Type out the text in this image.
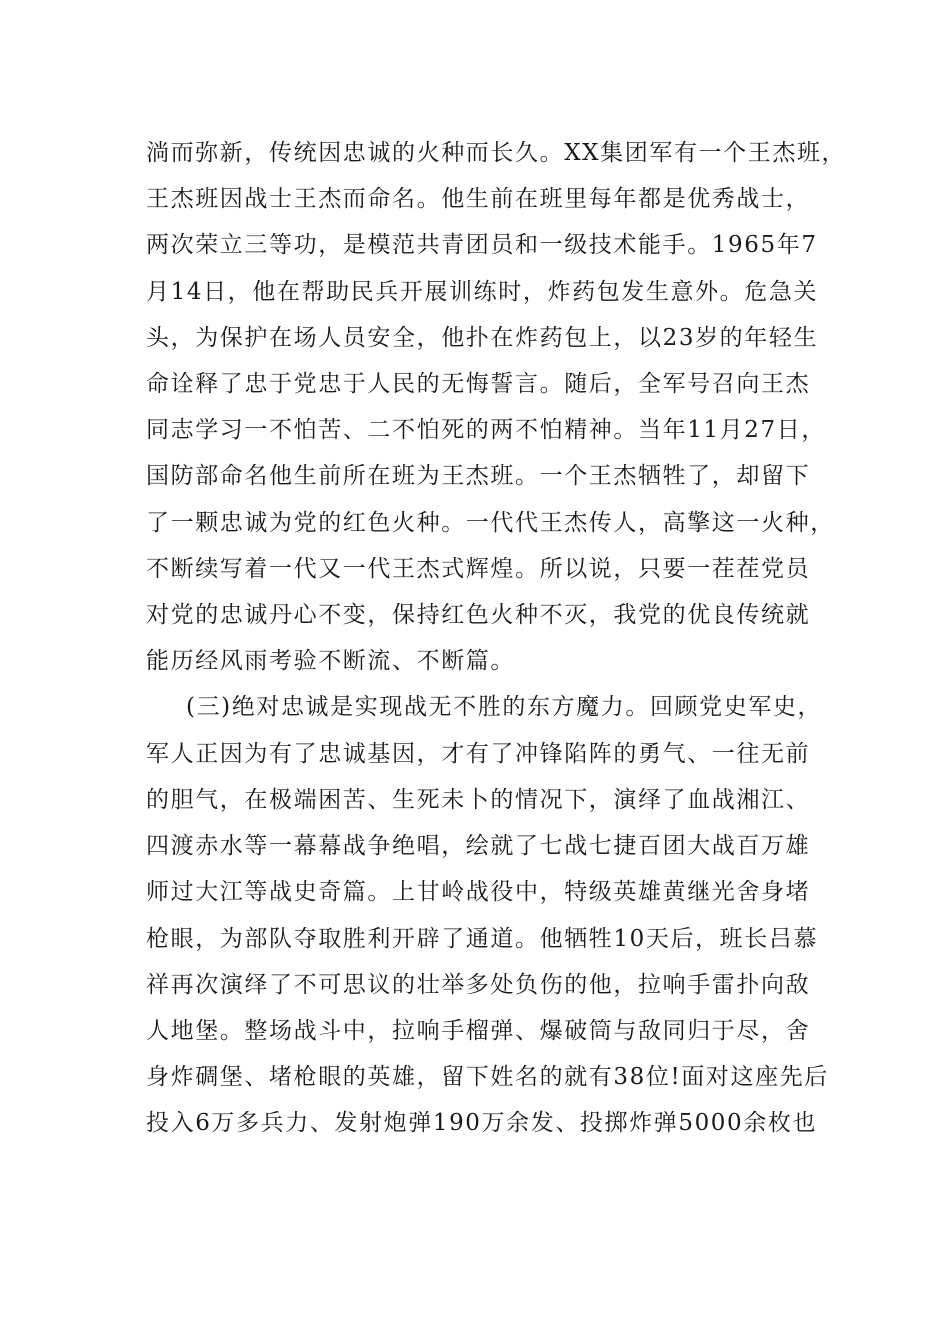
淌而弥新，传统因忠诚的火种而长久。XX集团军有一个王杰班，
王杰班因战士王杰而命名。他生前在班里每年都是优秀战士，
两次荣立三等功，是模范共青团员和一级技术能手。1965年7
月14日，他在帮助民兵开展训练时，炸药包发生意外。危急关
头，为保护在场人员安全，他扑在炸药包上，以23岁的年轻生
命诠释了忠于党忠于人民的无悔誓言。随后，全军号召向王杰
同志学习一不怕苦、二不怕死的两不怕精神。当年11月27日，
国防部命名他生前所在班为王杰班。一个王杰牺牲了，却留下
了一颗忠诚为党的红色火种。一代代王杰传人，高擎这一火种，
不断续写着一代又一代王杰式辉煌。所以说，只要一茬茬党员
对党的忠诚丹心不变，保持红色火种不灭，我党的优良传统就
能历经风雨考验不断流、不断篇。
(三)绝对忠诚是实现战无不胜的东方魔力。回顾党史军史，
军人正因为有了忠诚基因，才有了冲锋陷阵的勇气、一往无前
的胆气，在极端困苦、生死未卜的情况下，演绎了血战湘江、
四渡赤水等一幕幕战争绝唱，绘就了七战七捷百团大战百万雄
师过大江等战史奇篇。上甘岭战役中，特级英雄黄继光舍身堵
枪眼，为部队夺取胜利开辟了通道。他牺牲10天后，班长吕慕
祥再次演绎了不可思议的壮举多处负伤的他，拉响手雷扑向敌
人地堡。整场战斗中，拉响手榴弹、爆破筒与敌同归于尽，舍
身炸碉堡、堵枪眼的英雄，留下姓名的就有38位!面对这座先后
投入6万多兵力、发射炮弹190万余发、投掷炸弹5000余枚也
